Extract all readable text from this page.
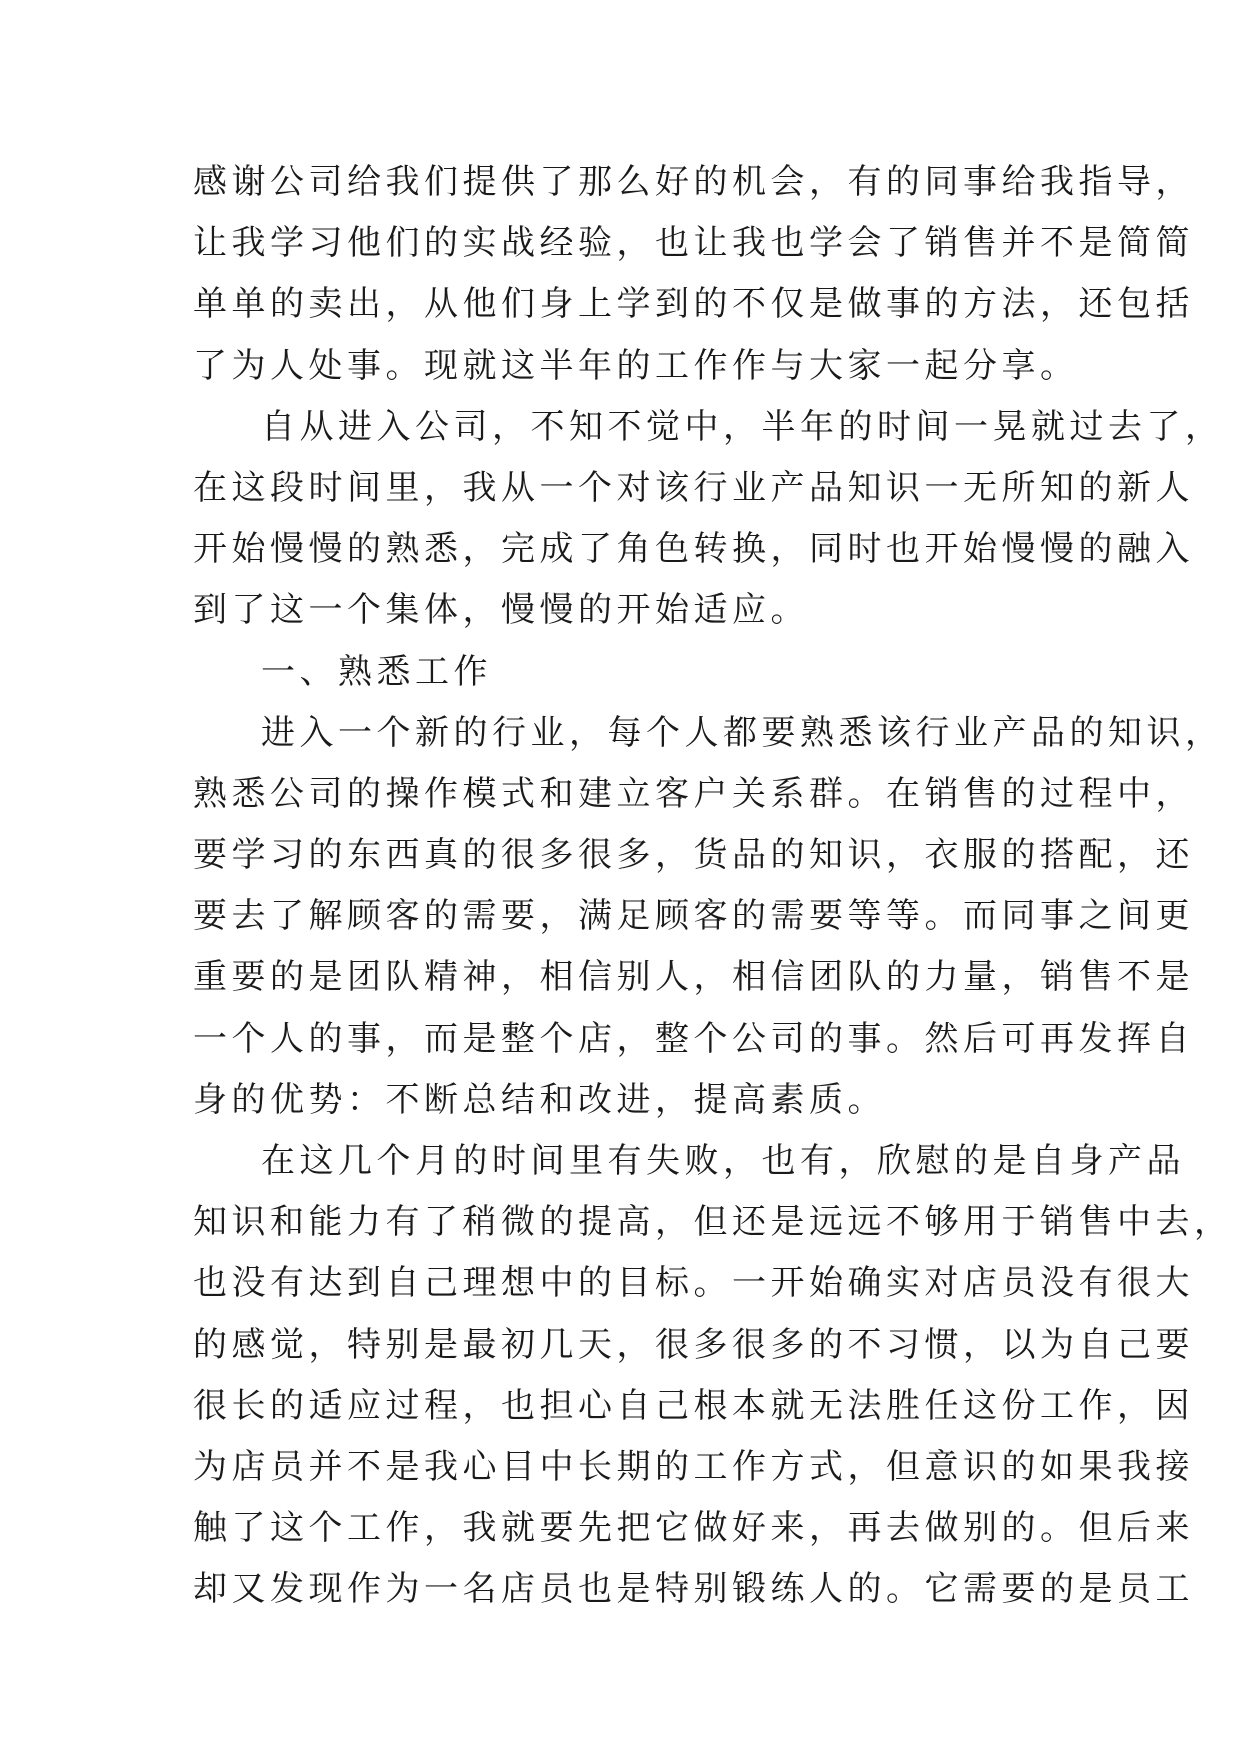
感谢公司给我们提供了那么好的机会，有的同事给我指导，
让我学习他们的实战经验，也让我也学会了销售并不是简简
单单的卖出，从他们身上学到的不仅是做事的方法，还包括
了为人处事。现就这半年的工作作与大家一起分享。
自从进入公司，不知不觉中，半年的时间一晃就过去了，
在这段时间里，我从一个对该行业产品知识一无所知的新人
开始慢慢的熟悉，完成了角色转换，同时也开始慢慢的融入
到了这一个集体，慢慢的开始适应。
一、熟悉工作
进入一个新的行业，每个人都要熟悉该行业产品的知识，
熟悉公司的操作模式和建立客户关系群。在销售的过程中，
要学习的东西真的很多很多，货品的知识，衣服的搭配，还
要去了解顾客的需要，满足顾客的需要等等。而同事之间更
重要的是团队精神，相信别人，相信团队的力量，销售不是
一个人的事，而是整个店，整个公司的事。然后可再发挥自
身的优势：不断总结和改进，提高素质。
在这几个月的时间里有失败，也有，欣慰的是自身产品
知识和能力有了稍微的提高，但还是远远不够用于销售中去，
也没有达到自己理想中的目标。一开始确实对店员没有很大
的感觉，特别是最初几天，很多很多的不习惯，以为自己要
很长的适应过程，也担心自己根本就无法胜任这份工作，因
为店员并不是我心目中长期的工作方式，但意识的如果我接
触了这个工作，我就要先把它做好来，再去做别的。但后来
却又发现作为一名店员也是特别锻练人的。它需要的是员工
